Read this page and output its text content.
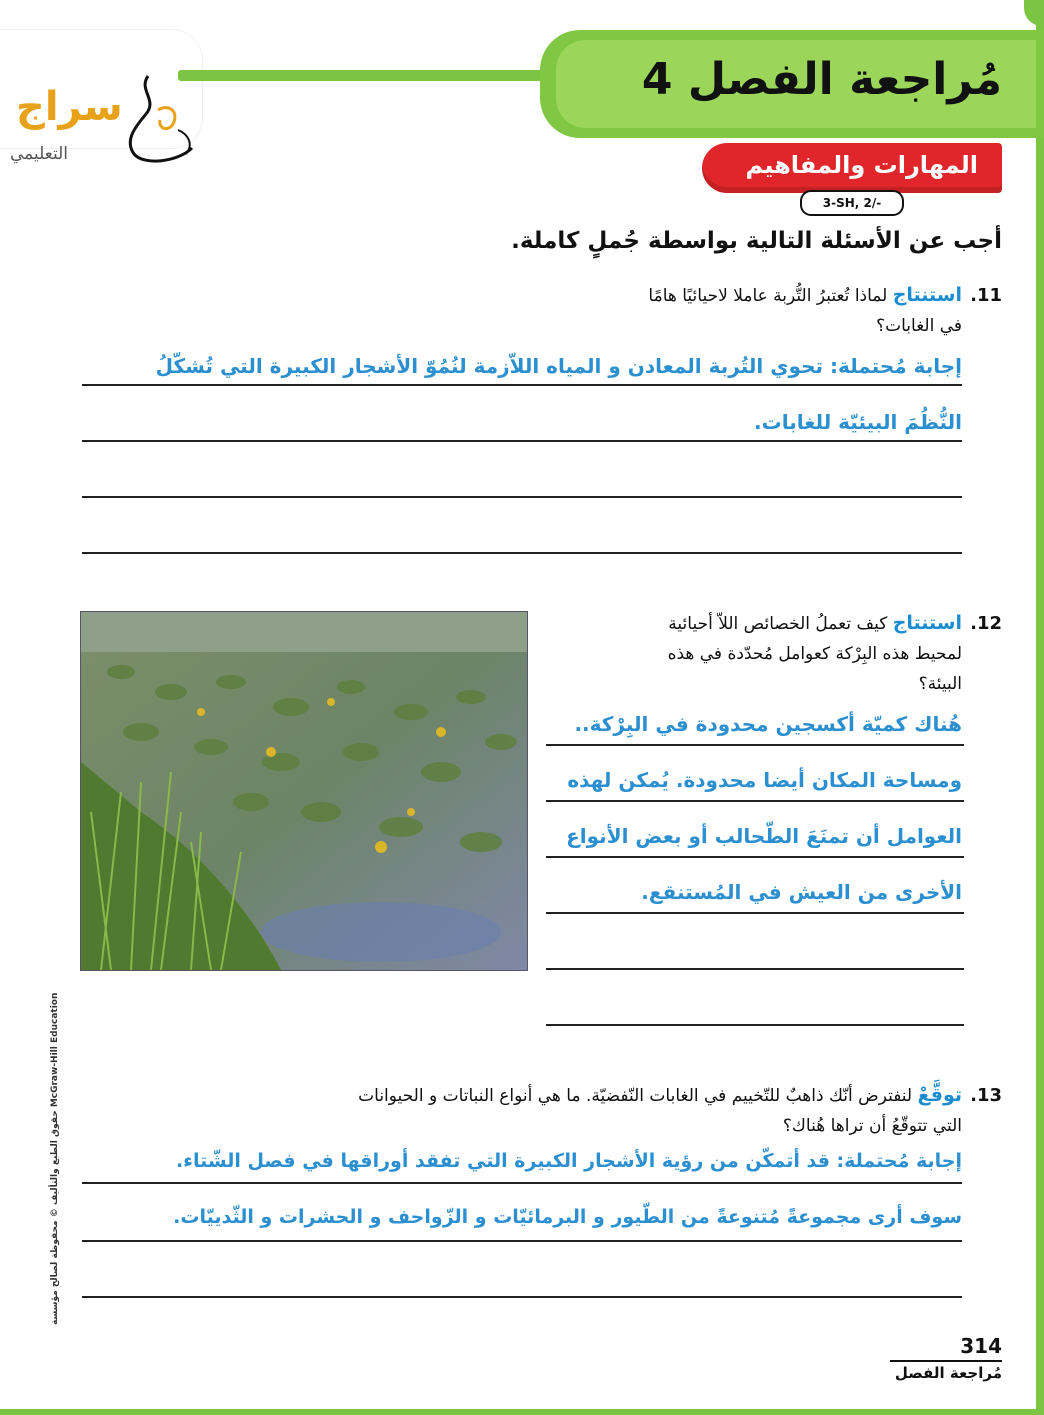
سراج
التعليمي
مُراجعة الفصل 4
المهارات والمفاهيم
3-SH, 2/-
أجب عن الأسئلة التالية بواسطة جُملٍ كاملة.
.11
استنتاج لماذا تُعتبرُ التُّربة عاملا لاحيائيًا هامًا
في الغابات؟
إجابة مُحتملة: تحوي التُربة المعادن و المياه اللاّزمة لنُمُوّ الأشجار الكبيرة التي تُشكّلُ
النُّظُمَ البيئيّة للغابات.
.12
استنتاج كيف تعملُ الخصائص اللاّ أحيائية
لمحيط هذه البِرْكة كعوامل مُحدّدة في هذه
البيئة؟
هُناك كميّة أكسجين محدودة في البِرْكة..
ومساحة المكان أيضا محدودة. يُمكن لهذه
العوامل أن تمنَعَ الطّحالب أو بعض الأنواع
الأخرى من العيش في المُستنقع.
.13
توقَّعْ لنفترض أنّك ذاهبٌ للتّخييم في الغابات النّفضيّة. ما هي أنواع النباتات و الحيوانات
التي تتوقّعُ أن تراها هُناك؟
إجابة مُحتملة: قد أتمكّن من رؤية الأشجار الكبيرة التي تفقد أوراقها في فصل الشّتاء.
سوف أرى مجموعةً مُتنوعةً من الطّيور و البرمائيّات و الزّواحف و الحشرات و الثّدييّات.
حقوق الطبع والتأليف © محفوظة لصالح مؤسسة McGraw-Hill Education
314
مُراجعة الفصل
